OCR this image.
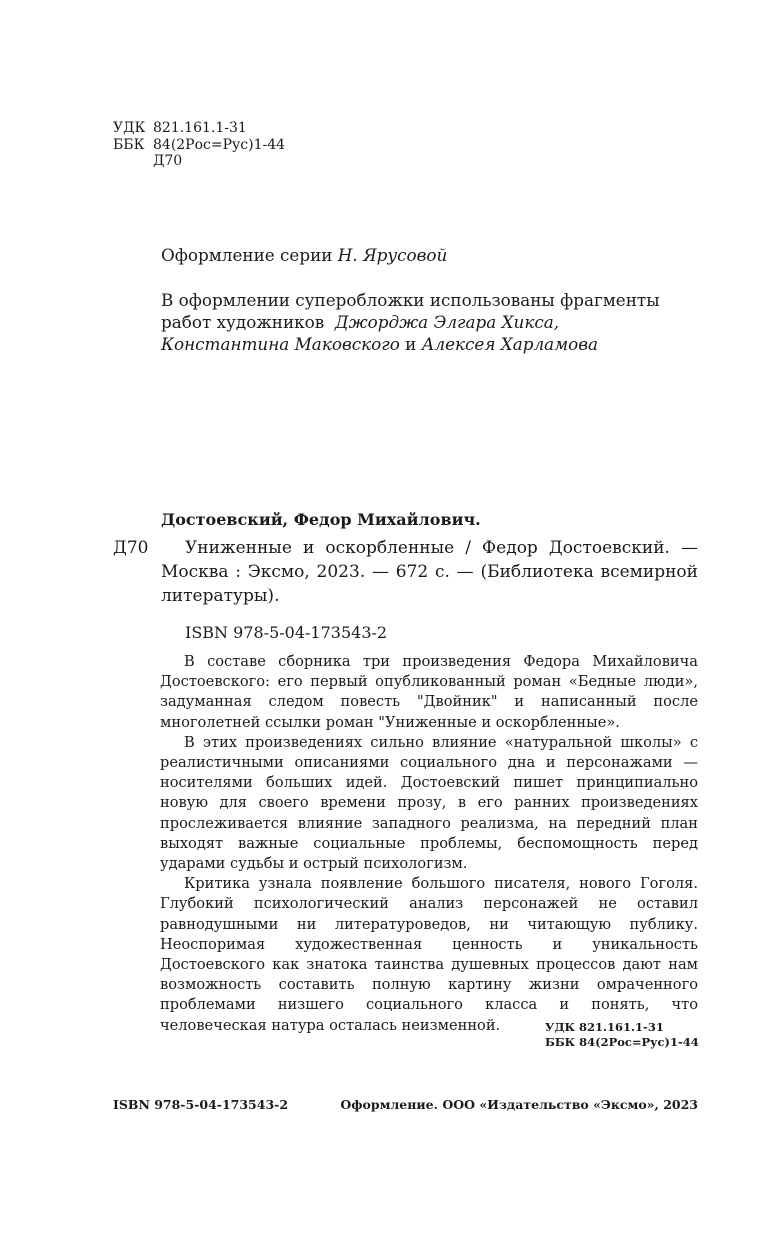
УДК 821.161.1-31
ББК 84(2Рос=Рус)1-44
Д70
Оформление серии Н. Ярусовой
В оформлении суперобложки использованы фрагменты
работ художников  Джорджа Элгара Хикса,
Константина Маковского и Алексея Харламова
Достоевский, Федор Михайлович.
Д70	Униженные и оскорбленные / Федор Достоевский. — Москва : Эксмо, 2023. — 672 с. — (Библиотека всемирной литературы).
ISBN 978-5-04-173543-2

В составе сборника три произведения Федора Михайловича Достоевского: его первый опубликованный роман «Бедные люди», задуманная следом повесть "Двойник" и написанный после многолетней ссылки роман "Униженные и оскорбленные».

В этих произведениях сильно влияние «натуральной школы» с реалистичными описаниями социального дна и персонажами — носителями больших идей. Достоевский пишет принципиально новую для своего времени прозу, в его ранних произведениях прослеживается влияние западного реализма, на передний план выходят важные социальные проблемы, беспомощность перед ударами судьбы и острый психологизм.

Критика узнала появление большого писателя, нового Гоголя. Глубокий психологический анализ персонажей не оставил равнодушными ни литературоведов, ни читающую публику. Неоспоримая художественная ценность и уникальность Достоевского как знатока таинства душевных процессов дают нам возможность составить полную картину жизни омраченного проблемами низшего социального класса и понять, что человеческая натура осталась неизменной.	УДК 821.161.1-31
ББК 84(2Рос=Рус)1-44
ISBN 978-5-04-173543-2	Оформление. ООО «Издательство «Эксмо», 2023
